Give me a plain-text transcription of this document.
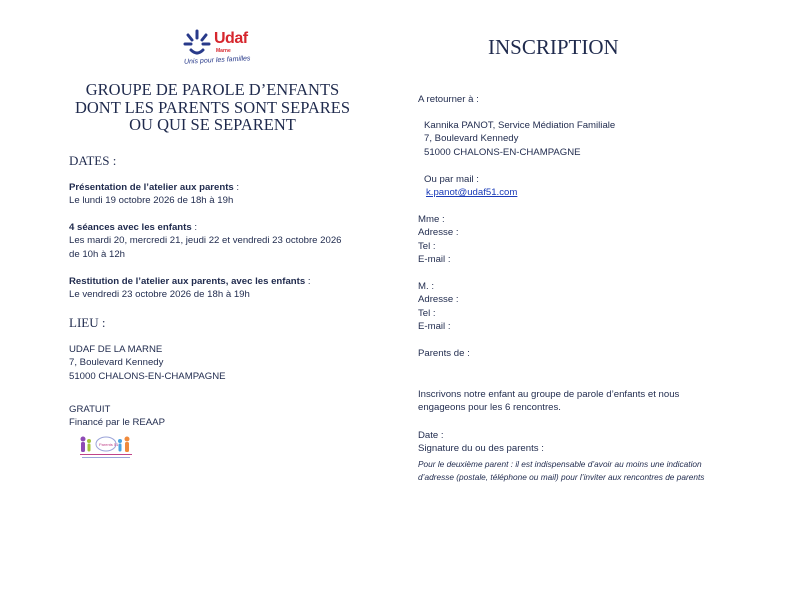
Udaf
Marne
Unis pour les familles
GROUPE DE PAROLE D’ENFANTS
DONT LES PARENTS SONT SEPARES
OU QUI SE SEPARENT
DATES :
Présentation de l’atelier aux parents :
Le lundi 19 octobre 2026 de 18h à 19h
4 séances avec les enfants :
Les mardi 20, mercredi 21, jeudi 22 et vendredi 23 octobre 2026
de 10h à 12h
Restitution de l’atelier aux parents, avec les enfants :
Le vendredi 23 octobre 2026 de 18h à 19h
LIEU :
UDAF DE LA MARNE
7, Boulevard Kennedy
51000 CHALONS-EN-CHAMPAGNE
GRATUIT
Financé par le REAAP
Parents 51
INSCRIPTION
A retourner à :
Kannika PANOT, Service Médiation Familiale
7, Boulevard Kennedy
51000 CHALONS-EN-CHAMPAGNE
Ou par mail :
k.panot@udaf51.com
Mme :
Adresse :
Tel :
E-mail :
M. :
Adresse :
Tel :
E-mail :
Parents de :
Inscrivons notre enfant au groupe de parole d’enfants et nous
engageons pour les 6 rencontres.
Date :
Signature du ou des parents :
Pour le deuxième parent : il est indispensable d’avoir au moins une indication
d’adresse (postale, téléphone ou mail) pour l’inviter aux rencontres de parents
